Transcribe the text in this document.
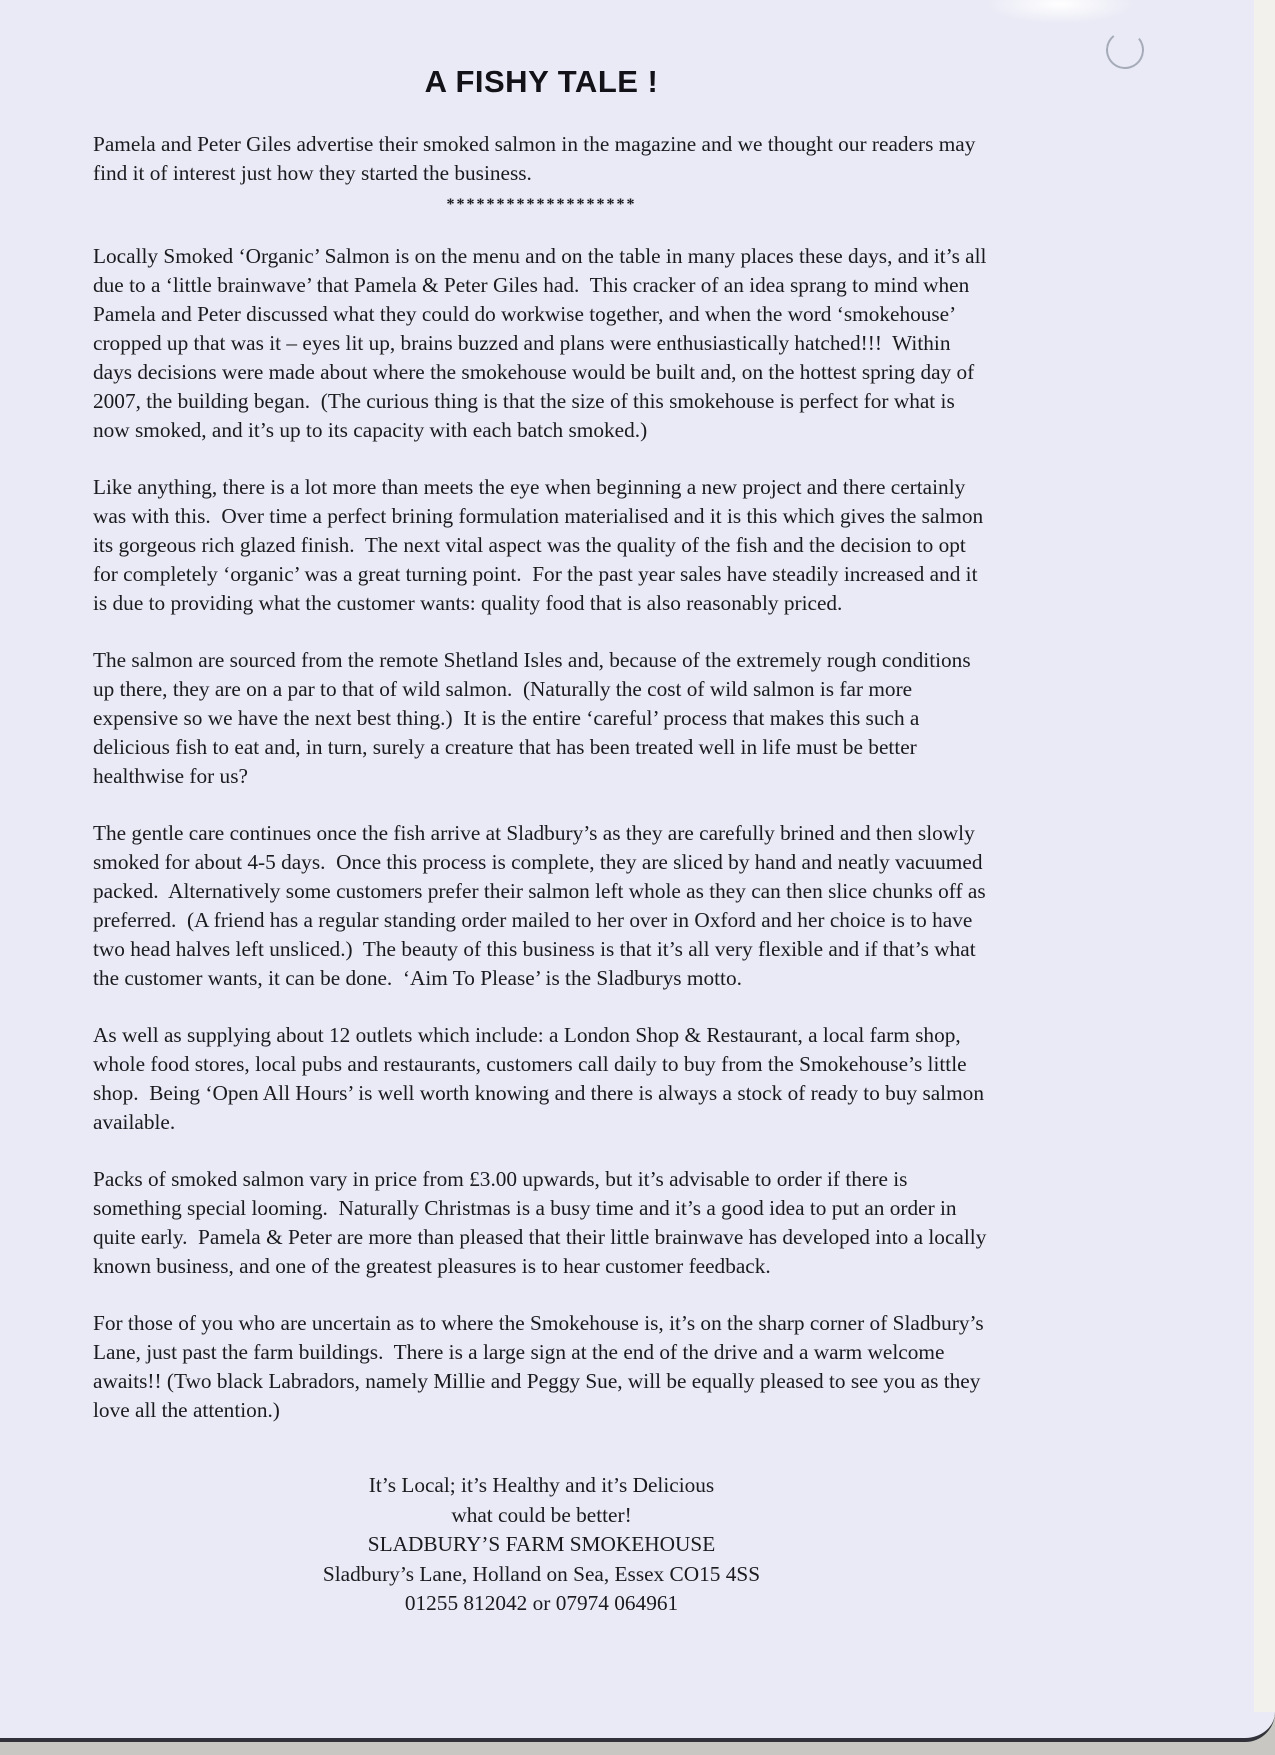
A FISHY TALE !

Pamela and Peter Giles advertise their smoked salmon in the magazine and we thought our readers may find it of interest just how they started the business.

*******************

Locally Smoked ‘Organic’ Salmon is on the menu and on the table in many places these days, and it’s all due to a ‘little brainwave’ that Pamela & Peter Giles had.  This cracker of an idea sprang to mind when Pamela and Peter discussed what they could do workwise together, and when the word ‘smokehouse’ cropped up that was it – eyes lit up, brains buzzed and plans were enthusiastically hatched!!!  Within days decisions were made about where the smokehouse would be built and, on the hottest spring day of 2007, the building began.  (The curious thing is that the size of this smokehouse is perfect for what is now smoked, and it’s up to its capacity with each batch smoked.)

Like anything, there is a lot more than meets the eye when beginning a new project and there certainly was with this.  Over time a perfect brining formulation materialised and it is this which gives the salmon its gorgeous rich glazed finish.  The next vital aspect was the quality of the fish and the decision to opt for completely ‘organic’ was a great turning point.  For the past year sales have steadily increased and it is due to providing what the customer wants: quality food that is also reasonably priced.

The salmon are sourced from the remote Shetland Isles and, because of the extremely rough conditions up there, they are on a par to that of wild salmon.  (Naturally the cost of wild salmon is far more expensive so we have the next best thing.)  It is the entire ‘careful’ process that makes this such a delicious fish to eat and, in turn, surely a creature that has been treated well in life must be better healthwise for us?

The gentle care continues once the fish arrive at Sladbury’s as they are carefully brined and then slowly smoked for about 4-5 days.  Once this process is complete, they are sliced by hand and neatly vacuumed packed.  Alternatively some customers prefer their salmon left whole as they can then slice chunks off as preferred.  (A friend has a regular standing order mailed to her over in Oxford and her choice is to have two head halves left unsliced.)  The beauty of this business is that it’s all very flexible and if that’s what the customer wants, it can be done.  ‘Aim To Please’ is the Sladburys motto.

As well as supplying about 12 outlets which include: a London Shop & Restaurant, a local farm shop, whole food stores, local pubs and restaurants, customers call daily to buy from the Smokehouse’s little shop.  Being ‘Open All Hours’ is well worth knowing and there is always a stock of ready to buy salmon available.

Packs of smoked salmon vary in price from £3.00 upwards, but it’s advisable to order if there is something special looming.  Naturally Christmas is a busy time and it’s a good idea to put an order in quite early.  Pamela & Peter are more than pleased that their little brainwave has developed into a locally known business, and one of the greatest pleasures is to hear customer feedback.

For those of you who are uncertain as to where the Smokehouse is, it’s on the sharp corner of Sladbury’s Lane, just past the farm buildings.  There is a large sign at the end of the drive and a warm welcome awaits!! (Two black Labradors, namely Millie and Peggy Sue, will be equally pleased to see you as they love all the attention.)

It’s Local; it’s Healthy and it’s Delicious
what could be better!
SLADBURY’S FARM SMOKEHOUSE
Sladbury’s Lane, Holland on Sea, Essex CO15 4SS
01255 812042 or 07974 064961
